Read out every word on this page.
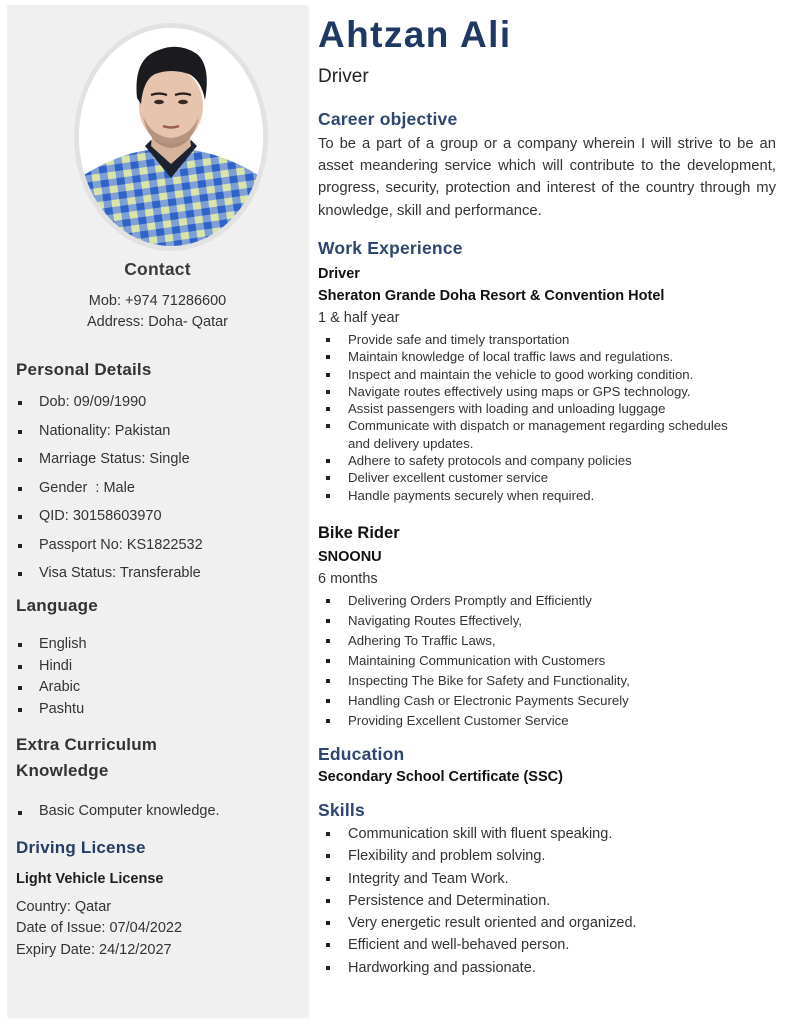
Contact
Mob: +974 71286600
Address: Doha- Qatar
Personal Details
Dob: 09/09/1990
Nationality: Pakistan
Marriage Status: Single
Gender  : Male
QID: 30158603970
Passport No: KS1822532
Visa Status: Transferable
Language
English
Hindi
Arabic
Pashtu
Extra Curriculum
Knowledge
Basic Computer knowledge.
Driving License
Light Vehicle License
Country: Qatar
Date of Issue: 07/04/2022
Expiry Date: 24/12/2027
Ahtzan Ali
Driver
Career objective

To be a part of a group or a company wherein I will strive to be an asset meandering service which will contribute to the development, progress, security, protection and interest of the country through my knowledge, skill and performance.

Work Experience
Driver
Sheraton Grande Doha Resort & Convention Hotel
1 & half year
Provide safe and timely transportation
Maintain knowledge of local traffic laws and regulations.
Inspect and maintain the vehicle to good working condition.
Navigate routes effectively using maps or GPS technology.
Assist passengers with loading and unloading luggage
Communicate with dispatch or management regarding schedules and delivery updates.
Adhere to safety protocols and company policies
Deliver excellent customer service
Handle payments securely when required.
Bike Rider
SNOONU
6 months
Delivering Orders Promptly and Efficiently
Navigating Routes Effectively,
Adhering To Traffic Laws,
Maintaining Communication with Customers
Inspecting The Bike for Safety and Functionality,
Handling Cash or Electronic Payments Securely
Providing Excellent Customer Service
Education
Secondary School Certificate (SSC)
Skills
Communication skill with fluent speaking.
Flexibility and problem solving.
Integrity and Team Work.
Persistence and Determination.
Very energetic result oriented and organized.
Efficient and well-behaved person.
Hardworking and passionate.
